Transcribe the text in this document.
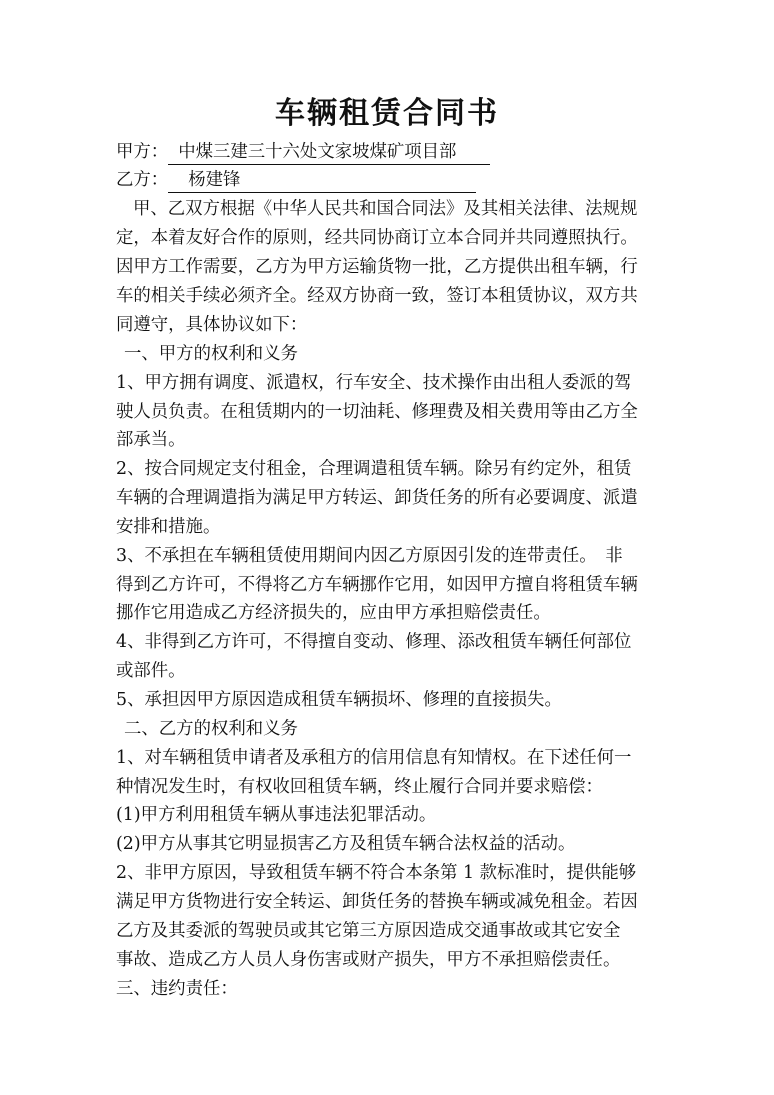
车辆租赁合同书
甲方： 中煤三建三十六处文家坡煤矿项目部
乙方： 杨建锋
甲、乙双方根据《中华人民共和国合同法》及其相关法律、法规规
定，本着友好合作的原则，经共同协商订立本合同并共同遵照执行。
因甲方工作需要，乙方为甲方运输货物一批，乙方提供出租车辆，行
车的相关手续必须齐全。经双方协商一致，签订本租赁协议，双方共
同遵守，具体协议如下：
一、甲方的权利和义务
1、甲方拥有调度、派遣权，行车安全、技术操作由出租人委派的驾
驶人员负责。在租赁期内的一切油耗、修理费及相关费用等由乙方全
部承当。
2、按合同规定支付租金，合理调遣租赁车辆。除另有约定外，租赁
车辆的合理调遣指为满足甲方转运、卸货任务的所有必要调度、派遣
安排和措施。
3、不承担在车辆租赁使用期间内因乙方原因引发的连带责任。　非
得到乙方许可，不得将乙方车辆挪作它用，如因甲方擅自将租赁车辆
挪作它用造成乙方经济损失的，应由甲方承担赔偿责任。
4、非得到乙方许可，不得擅自变动、修理、添改租赁车辆任何部位
或部件。
5、承担因甲方原因造成租赁车辆损坏、修理的直接损失。
二、乙方的权利和义务
1、对车辆租赁申请者及承租方的信用信息有知情权。在下述任何一
种情况发生时，有权收回租赁车辆，终止履行合同并要求赔偿：
(1)甲方利用租赁车辆从事违法犯罪活动。
(2)甲方从事其它明显损害乙方及租赁车辆合法权益的活动。
2、非甲方原因，导致租赁车辆不符合本条第 1 款标准时，提供能够
满足甲方货物进行安全转运、卸货任务的替换车辆或减免租金。若因
乙方及其委派的驾驶员或其它第三方原因造成交通事故或其它安全
事故、造成乙方人员人身伤害或财产损失，甲方不承担赔偿责任。
三、违约责任：
